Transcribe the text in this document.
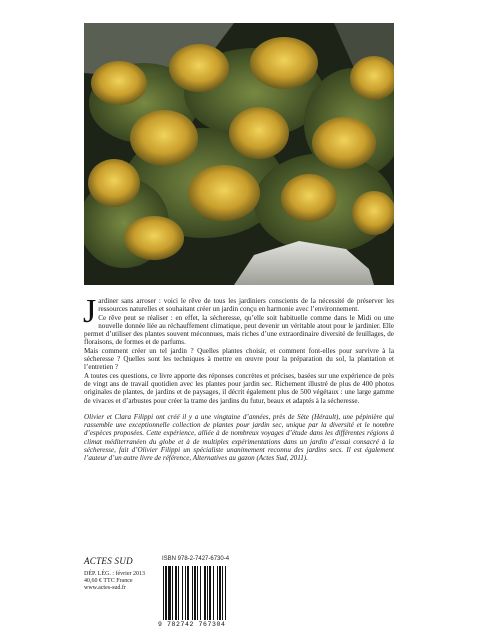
Jardiner sans arroser : voici le rêve de tous les jardiniers conscients de la nécessité de préserver les ressources naturelles et souhaitant créer un jardin conçu en harmonie avec l’environnement.

Ce rêve peut se réaliser : en effet, la sécheresse, qu’elle soit habituelle comme dans le Midi ou une nouvelle donnée liée au réchauffement climatique, peut devenir un véritable atout pour le jardinier. Elle permet d’utiliser des plantes souvent méconnues, mais riches d’une extraordinaire diversité de feuillages, de floraisons, de formes et de parfums.

Mais comment créer un tel jardin ? Quelles plantes choisir, et comment font-elles pour survivre à la sécheresse ? Quelles sont les techniques à mettre en œuvre pour la préparation du sol, la plantation et l’entretien ?

A toutes ces questions, ce livre apporte des réponses concrètes et précises, basées sur une expérience de près de vingt ans de travail quotidien avec les plantes pour jardin sec. Richement illustré de plus de 400 photos originales de plantes, de jardins et de paysages, il décrit également plus de 500 végétaux : une large gamme de vivaces et d’arbustes pour créer la trame des jardins du futur, beaux et adaptés à la sécheresse.

Olivier et Clara Filippi ont créé il y a une vingtaine d’années, près de Sète (Hérault), une pépinière qui rassemble une exceptionnelle collection de plantes pour jardin sec, unique par la diversité et le nombre d’espèces proposées. Cette expérience, alliée à de nombreux voyages d’étude dans les différentes régions à climat méditerranéen du globe et à de multiples expérimentations dans un jardin d’essai consacré à la sécheresse, fait d’Olivier Filippi un spécialiste unanimement reconnu des jardins secs. Il est également l’auteur d’un autre livre de référence, Alternatives au gazon (Actes Sud, 2011).

ACTES SUD
DÉP. LÉG. : février 2013
40,60 € TTC France
www.actes-sud.fr
ISBN 978-2-7427-6730-4
9 782742 767304
